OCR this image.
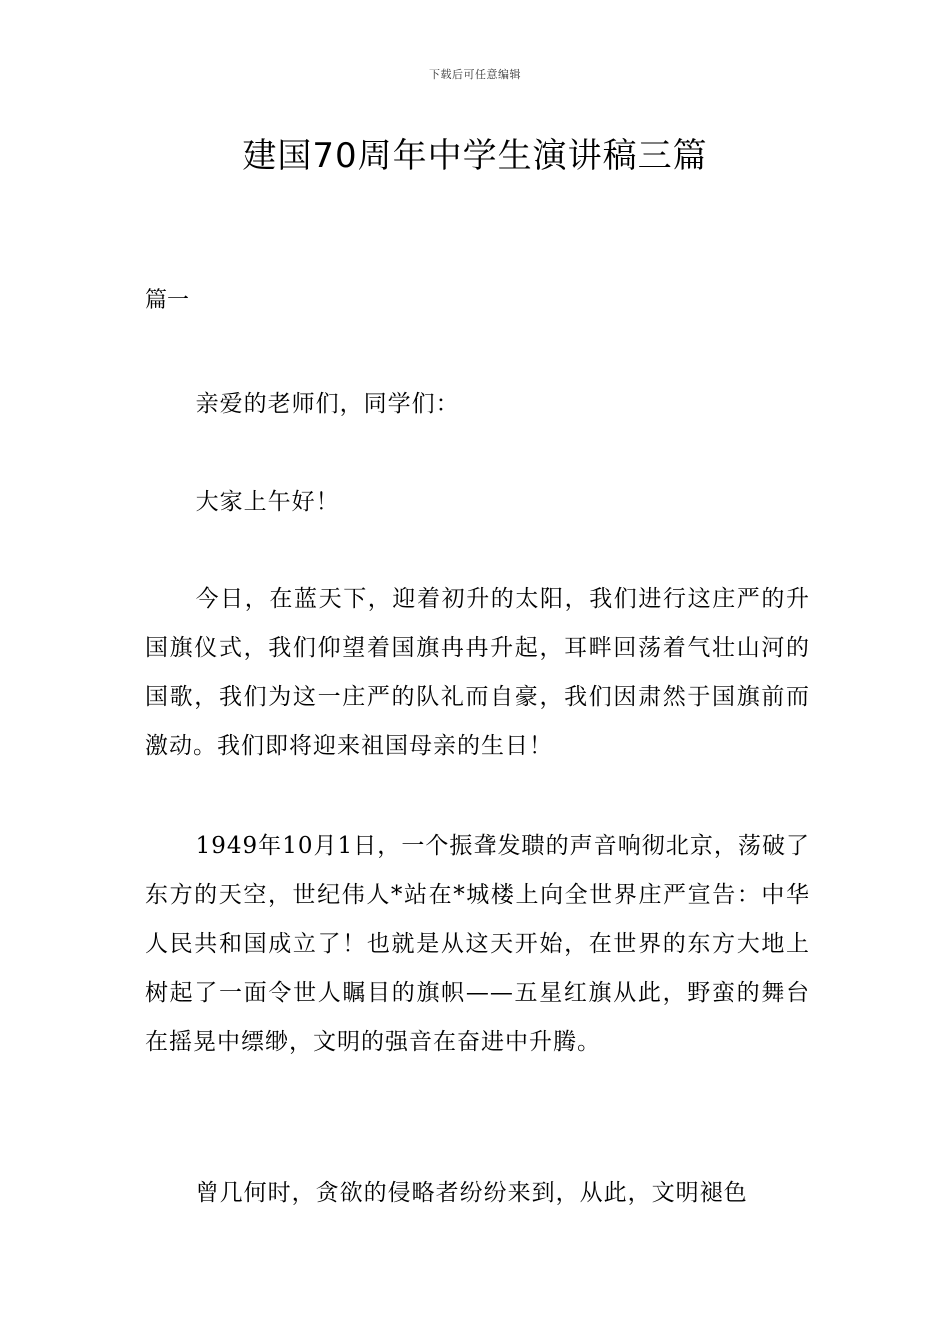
下载后可任意编辑
建国70周年中学生演讲稿三篇
篇一

亲爱的老师们，同学们：

大家上午好！

今日，在蓝天下，迎着初升的太阳，我们进行这庄严的升国旗仪式，我们仰望着国旗冉冉升起，耳畔回荡着气壮山河的国歌，我们为这一庄严的队礼而自豪，我们因肃然于国旗前而激动。我们即将迎来祖国母亲的生日！

1949年10月1日，一个振聋发聩的声音响彻北京，荡破了东方的天空，世纪伟人*站在*城楼上向全世界庄严宣告：中华人民共和国成立了！也就是从这天开始，在世界的东方大地上树起了一面令世人瞩目的旗帜——五星红旗从此，野蛮的舞台在摇晃中缥缈，文明的强音在奋进中升腾。

曾几何时，贪欲的侵略者纷纷来到，从此，文明褪色
